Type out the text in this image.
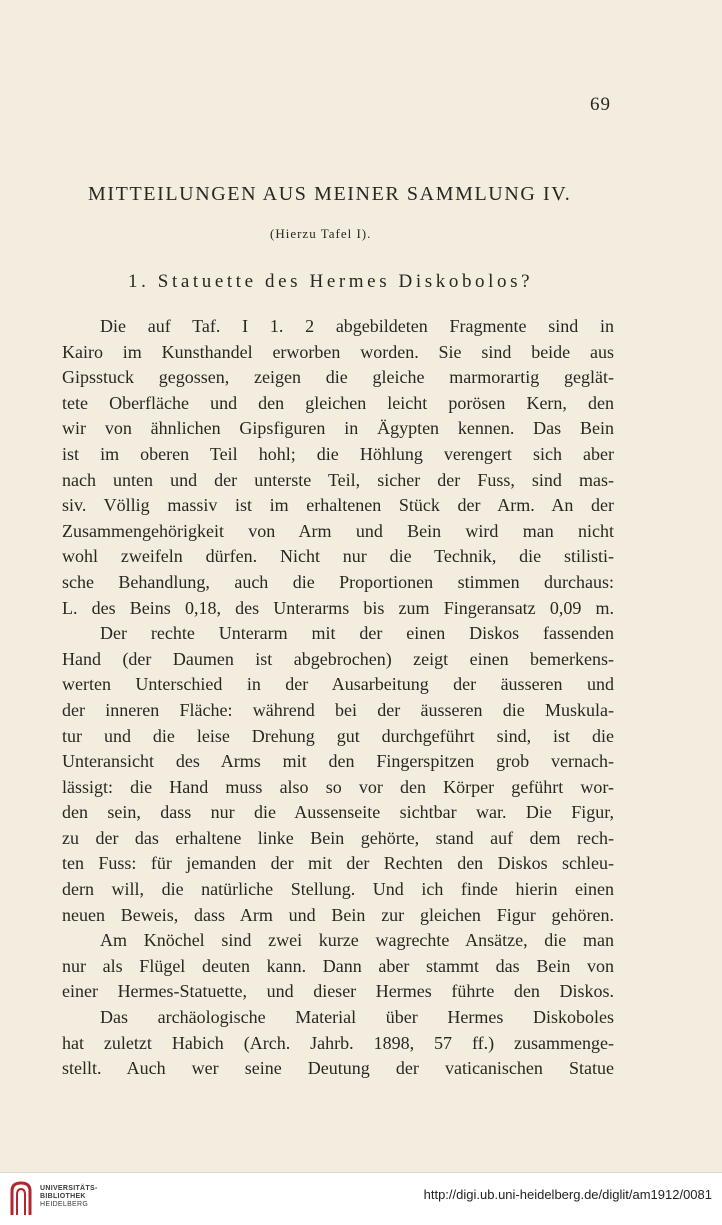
69
MITTEILUNGEN AUS MEINER SAMMLUNG IV.
(Hierzu Tafel I).
1. Statuette des Hermes Diskobolos?
Die auf Taf. I 1. 2 abgebildeten Fragmente sind in
Kairo im Kunsthandel erworben worden. Sie sind beide aus
Gipsstuck gegossen, zeigen die gleiche marmorartig geglät-
tete Oberfläche und den gleichen leicht porösen Kern, den
wir von ähnlichen Gipsfiguren in Ägypten kennen. Das Bein
ist im oberen Teil hohl; die Höhlung verengert sich aber
nach unten und der unterste Teil, sicher der Fuss, sind mas-
siv. Völlig massiv ist im erhaltenen Stück der Arm. An der
Zusammengehörigkeit von Arm und Bein wird man nicht
wohl zweifeln dürfen. Nicht nur die Technik, die stilisti-
sche Behandlung, auch die Proportionen stimmen durchaus:
L. des Beins 0,18, des Unterarms bis zum Fingeransatz 0,09 m.
Der rechte Unterarm mit der einen Diskos fassenden
Hand (der Daumen ist abgebrochen) zeigt einen bemerkens-
werten Unterschied in der Ausarbeitung der äusseren und
der inneren Fläche: während bei der äusseren die Muskula-
tur und die leise Drehung gut durchgeführt sind, ist die
Unteransicht des Arms mit den Fingerspitzen grob vernach-
lässigt: die Hand muss also so vor den Körper geführt wor-
den sein, dass nur die Aussenseite sichtbar war. Die Figur,
zu der das erhaltene linke Bein gehörte, stand auf dem rech-
ten Fuss: für jemanden der mit der Rechten den Diskos schleu-
dern will, die natürliche Stellung. Und ich finde hierin einen
neuen Beweis, dass Arm und Bein zur gleichen Figur gehören.
Am Knöchel sind zwei kurze wagrechte Ansätze, die man
nur als Flügel deuten kann. Dann aber stammt das Bein von
einer Hermes-Statuette, und dieser Hermes führte den Diskos.
Das archäologische Material über Hermes Diskoboles
hat zuletzt Habich (Arch. Jahrb. 1898, 57 ff.) zusammenge-
stellt. Auch wer seine Deutung der vaticanischen Statue
UNIVERSITÄTS-
BIBLIOTHEK
HEIDELBERG
http://digi.ub.uni-heidelberg.de/diglit/am1912/0081
